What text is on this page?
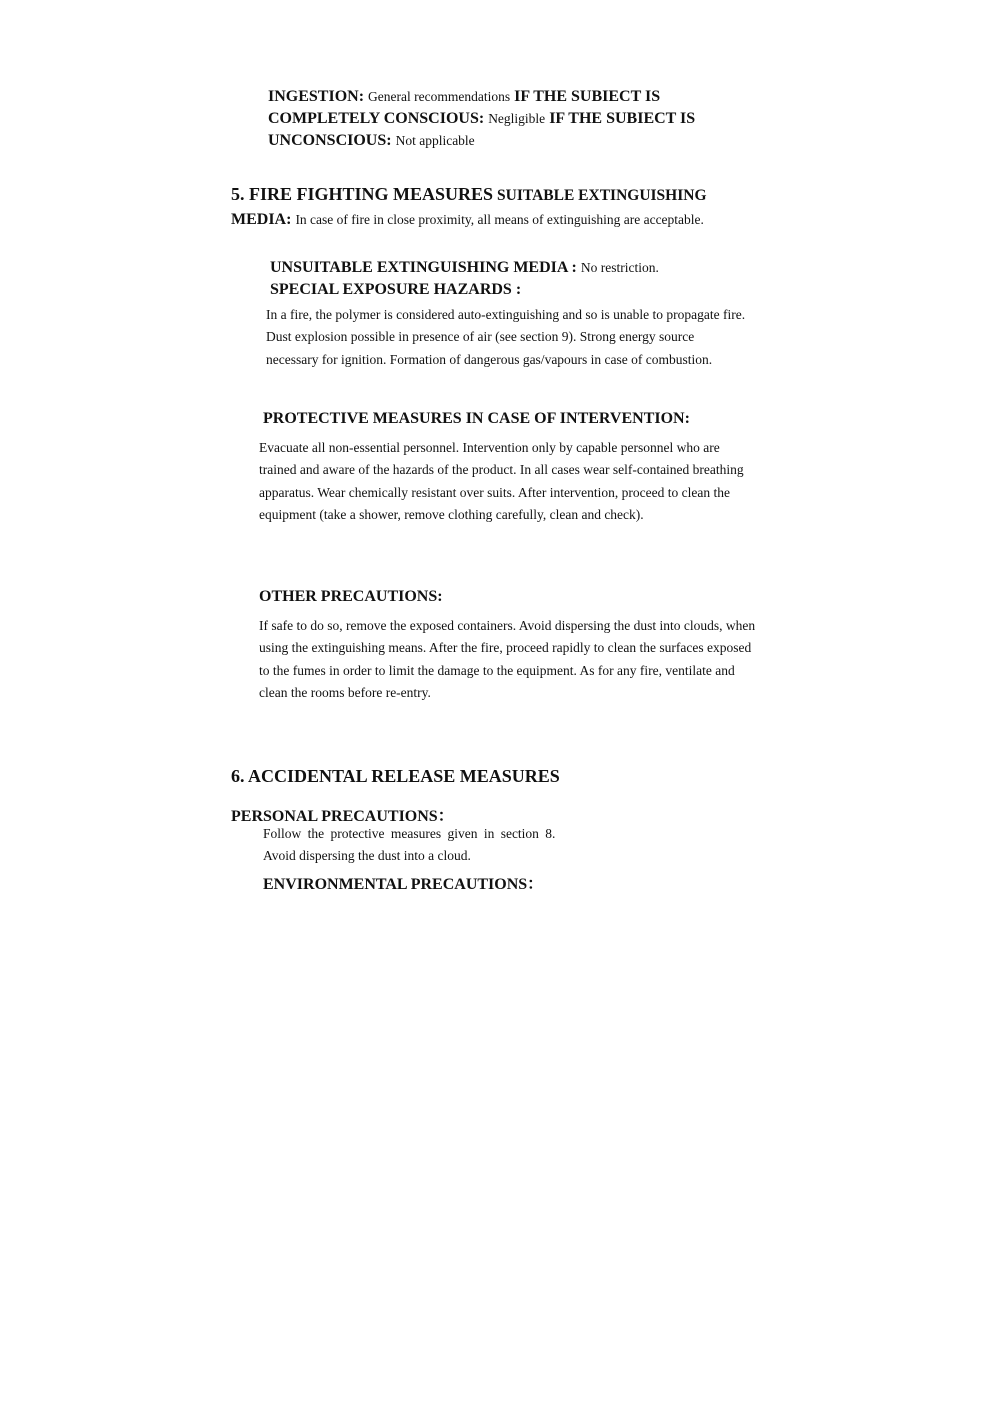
INGESTION: General recommendations IF THE SUBIECT IS
COMPLETELY CONSCIOUS: Negligible IF THE SUBIECT IS
UNCONSCIOUS: Not applicable
5. FIRE FIGHTING MEASURES SUITABLE EXTINGUISHING
MEDIA: In case of fire in close proximity, all means of extinguishing are acceptable.
UNSUITABLE EXTINGUISHING MEDIA : No restriction.
SPECIAL EXPOSURE HAZARDS :
In a fire, the polymer is considered auto-extinguishing and so is unable to propagate fire.
Dust explosion possible in presence of air (see section 9). Strong energy source
necessary for ignition. Formation of dangerous gas/vapours in case of combustion.
PROTECTIVE MEASURES IN CASE OF INTERVENTION:
Evacuate all non-essential personnel. Intervention only by capable personnel who are
trained and aware of the hazards of the product. In all cases wear self-contained breathing
apparatus. Wear chemically resistant over suits. After intervention, proceed to clean the
equipment (take a shower, remove clothing carefully, clean and check).
OTHER PRECAUTIONS:
If safe to do so, remove the exposed containers. Avoid dispersing the dust into clouds, when
using the extinguishing means. After the fire, proceed rapidly to clean the surfaces exposed
to the fumes in order to limit the damage to the equipment. As for any fire, ventilate and
clean the rooms before re-entry.
6. ACCIDENTAL RELEASE MEASURES
PERSONAL PRECAUTIONS：
Follow the protective measures given in section 8.
Avoid dispersing the dust into a cloud.
ENVIRONMENTAL PRECAUTIONS：
